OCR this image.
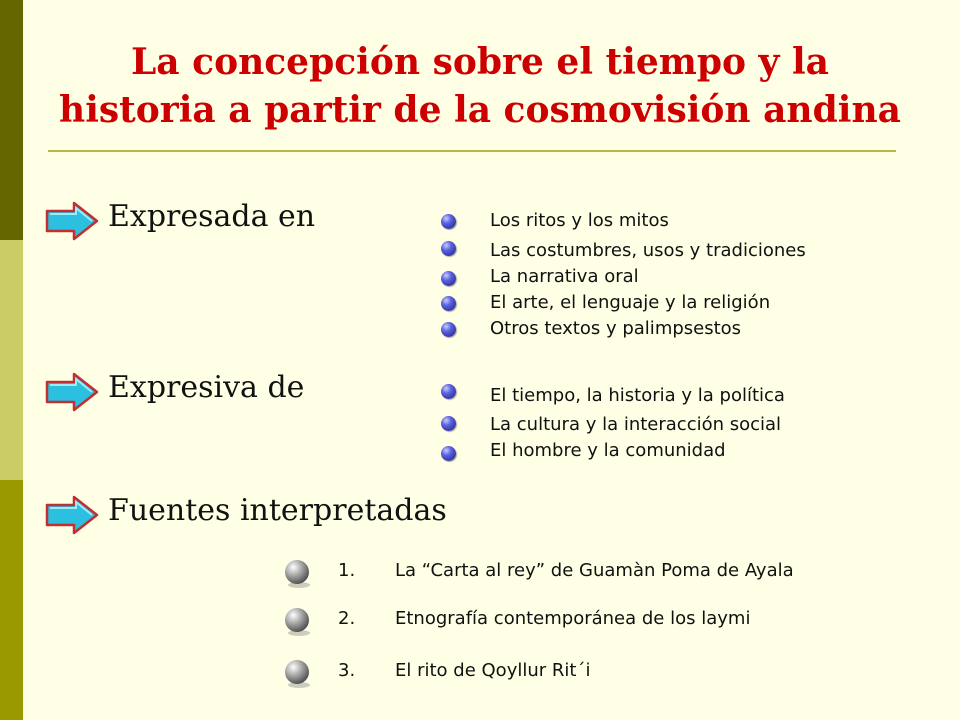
La concepción sobre el tiempo y la
historia a partir de la cosmovisión andina
Expresada en	Los ritos y los mitos
Las costumbres, usos y tradiciones
La narrativa oral
El arte, el lenguaje y la religión
Otros textos y palimpsestos
Expresiva de	El tiempo, la historia y la política
La cultura y la interacción social
El hombre y la comunidad
Fuentes interpretadas
1. La “Carta al rey” de Guamàn Poma de Ayala
2. Etnografía contemporánea de los laymi
3. El rito de Qoyllur Rit´i
